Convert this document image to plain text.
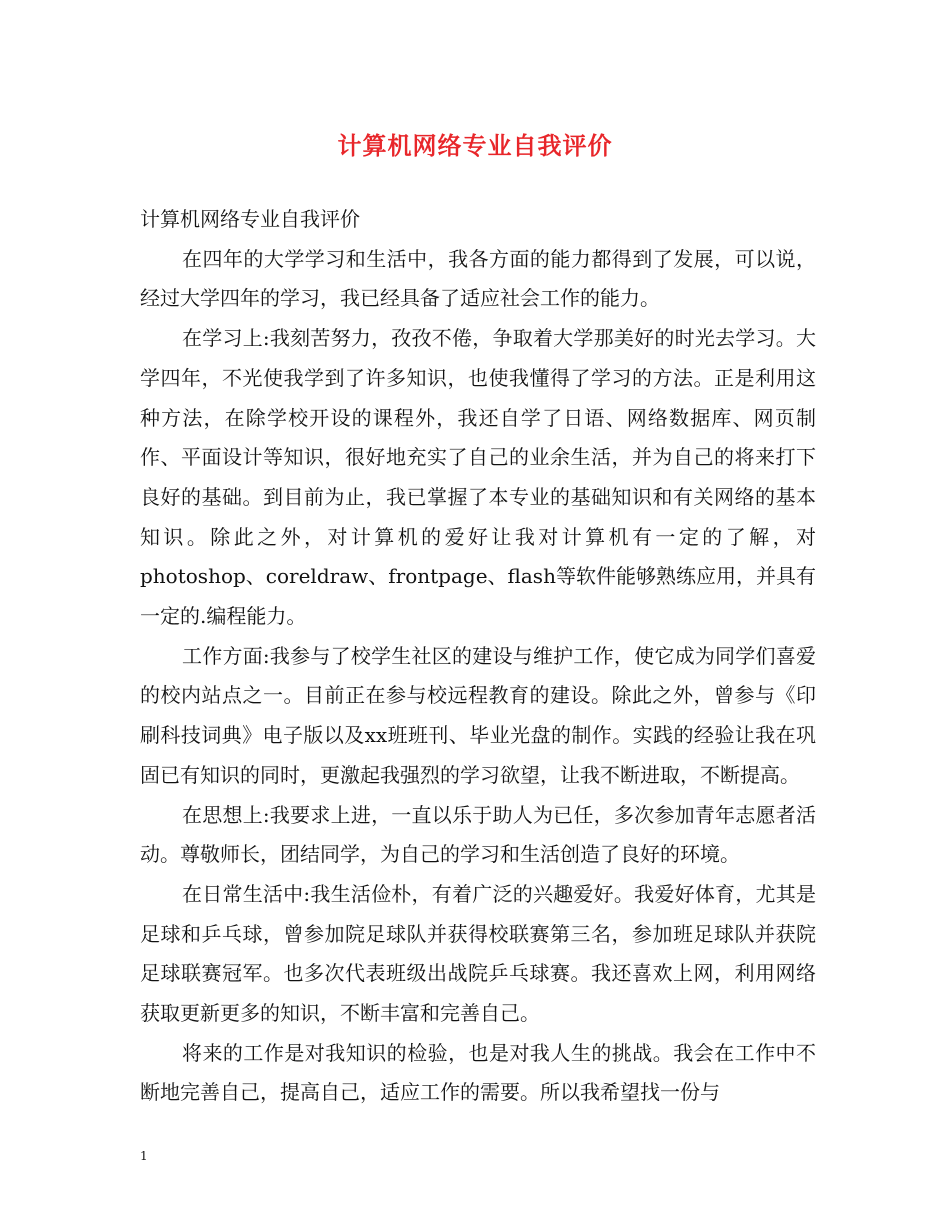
计算机网络专业自我评价

计算机网络专业自我评价

在四年的大学学习和生活中，我各方面的能力都得到了发展，可以说，经过大学四年的学习，我已经具备了适应社会工作的能力。

在学习上:我刻苦努力，孜孜不倦，争取着大学那美好的时光去学习。大学四年，不光使我学到了许多知识，也使我懂得了学习的方法。正是利用这种方法，在除学校开设的课程外，我还自学了日语、网络数据库、网页制作、平面设计等知识，很好地充实了自己的业余生活，并为自己的将来打下良好的基础。到目前为止，我已掌握了本专业的基础知识和有关网络的基本知识。除此之外，对计算机的爱好让我对计算机有一定的了解，对photoshop、coreldraw、frontpage、flash等软件能够熟练应用，并具有一定的.编程能力。

工作方面:我参与了校学生社区的建设与维护工作，使它成为同学们喜爱的校内站点之一。目前正在参与校远程教育的建设。除此之外，曾参与《印刷科技词典》电子版以及xx班班刊、毕业光盘的制作。实践的经验让我在巩固已有知识的同时，更激起我强烈的学习欲望，让我不断进取，不断提高。

在思想上:我要求上进，一直以乐于助人为已任，多次参加青年志愿者活动。尊敬师长，团结同学，为自己的学习和生活创造了良好的环境。

在日常生活中:我生活俭朴，有着广泛的兴趣爱好。我爱好体育，尤其是足球和乒乓球，曾参加院足球队并获得校联赛第三名，参加班足球队并获院足球联赛冠军。也多次代表班级出战院乒乓球赛。我还喜欢上网，利用网络获取更新更多的知识，不断丰富和完善自己。

将来的工作是对我知识的检验，也是对我人生的挑战。我会在工作中不断地完善自己，提高自己，适应工作的需要。所以我希望找一份与

1
